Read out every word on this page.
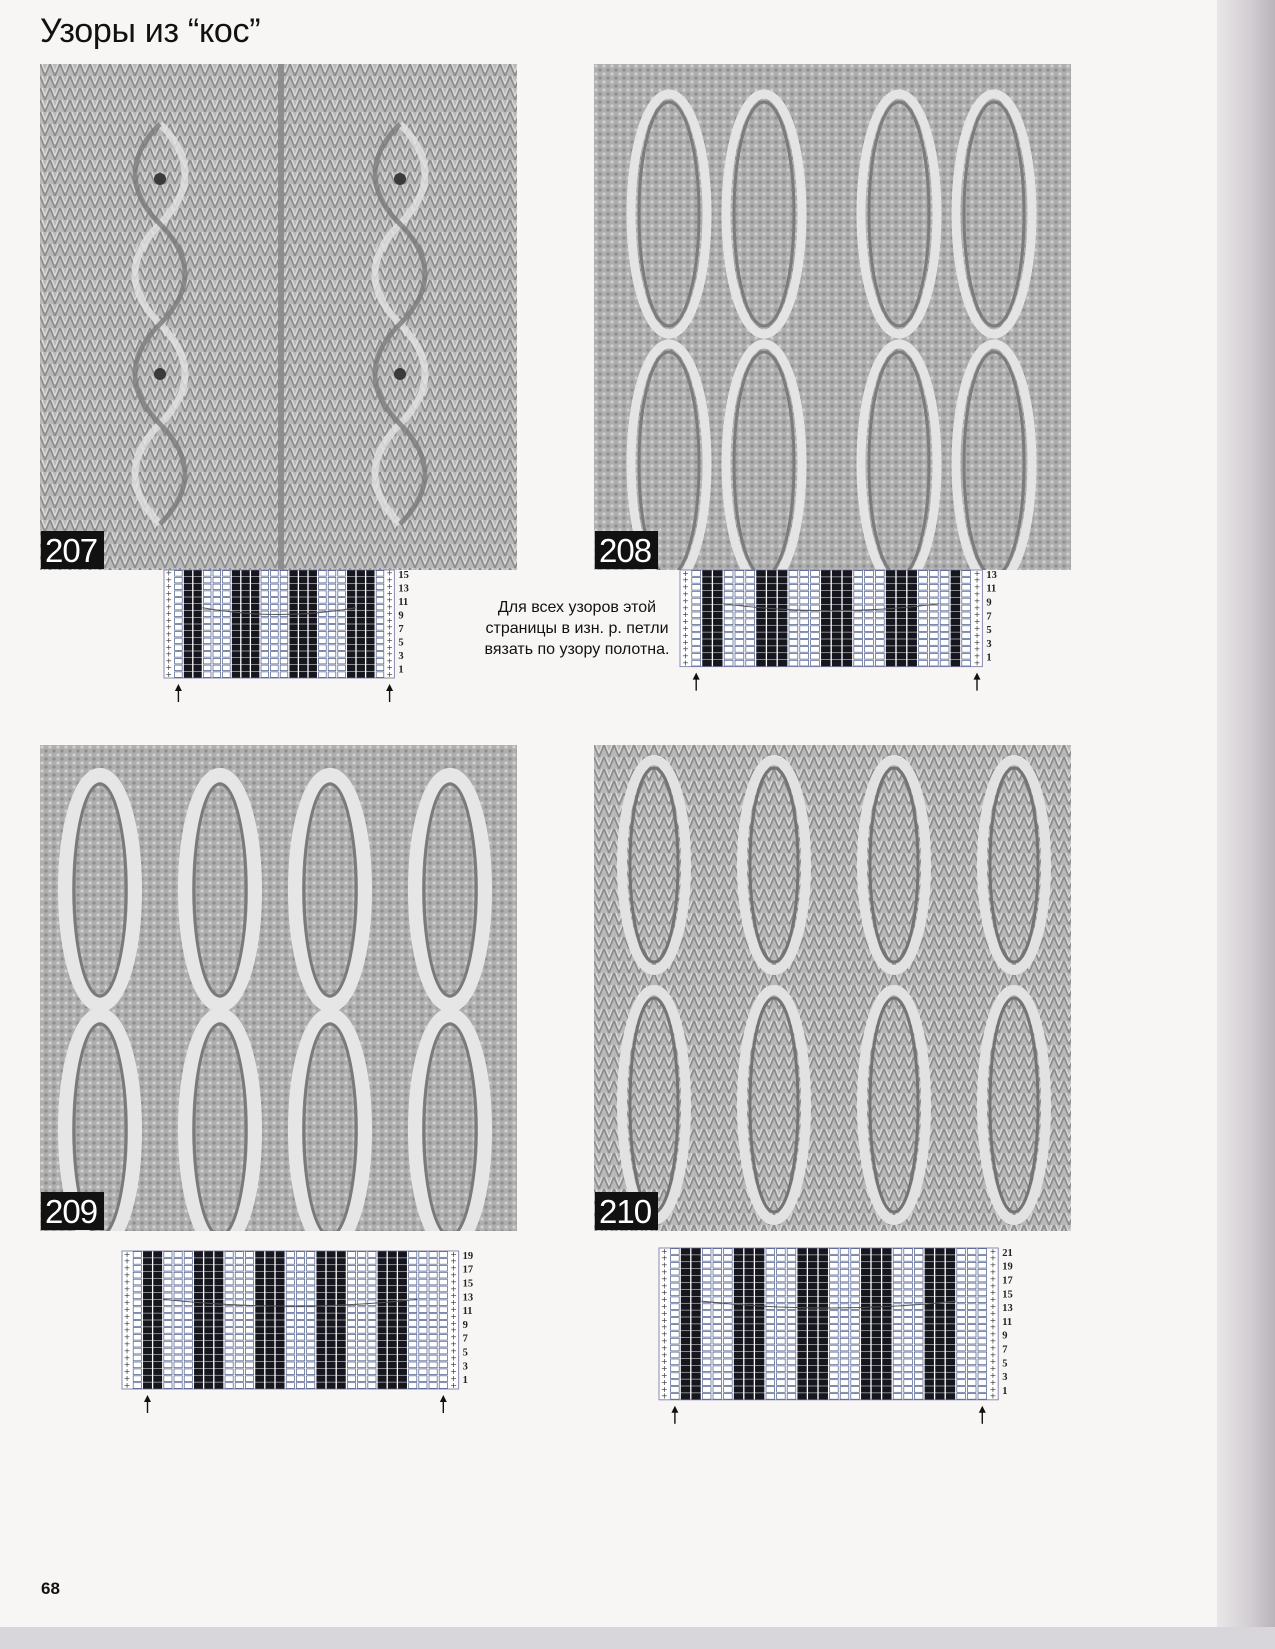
Узоры из “кос”
207	208
209	210
+	+
+	+
+	+
+	+
+	+
+	+
+	+
+	+
+	+
+	+
+	+
+	+
+	+
+	+
+	+
+	+
15
13
11
9
7
5
3
1
+	+
+	+
+	+
+	+
+	+
+	+
+	+
+	+
+	+
+	+
+	+
+	+
+	+
+	+
13
11
9
7
5
3
1
+	+
+	+
+	+
+	+
+	+
+	+
+	+
+	+
+	+
+	+
+	+
+	+
+	+
+	+
+	+
+	+
+	+
+	+
+	+
+	+
19
17
15
13
11
9
7
5
3
1
+	+
+	+
+	+
+	+
+	+
+	+
+	+
+	+
+	+
+	+
+	+
+	+
+	+
+	+
+	+
+	+
+	+
+	+
+	+
+	+
+	+
+	+
21
19
17
15
13
11
9
7
5
3
1
Для всех узоров этой
страницы в изн. р. петли
вязать по узору полотна.
68
